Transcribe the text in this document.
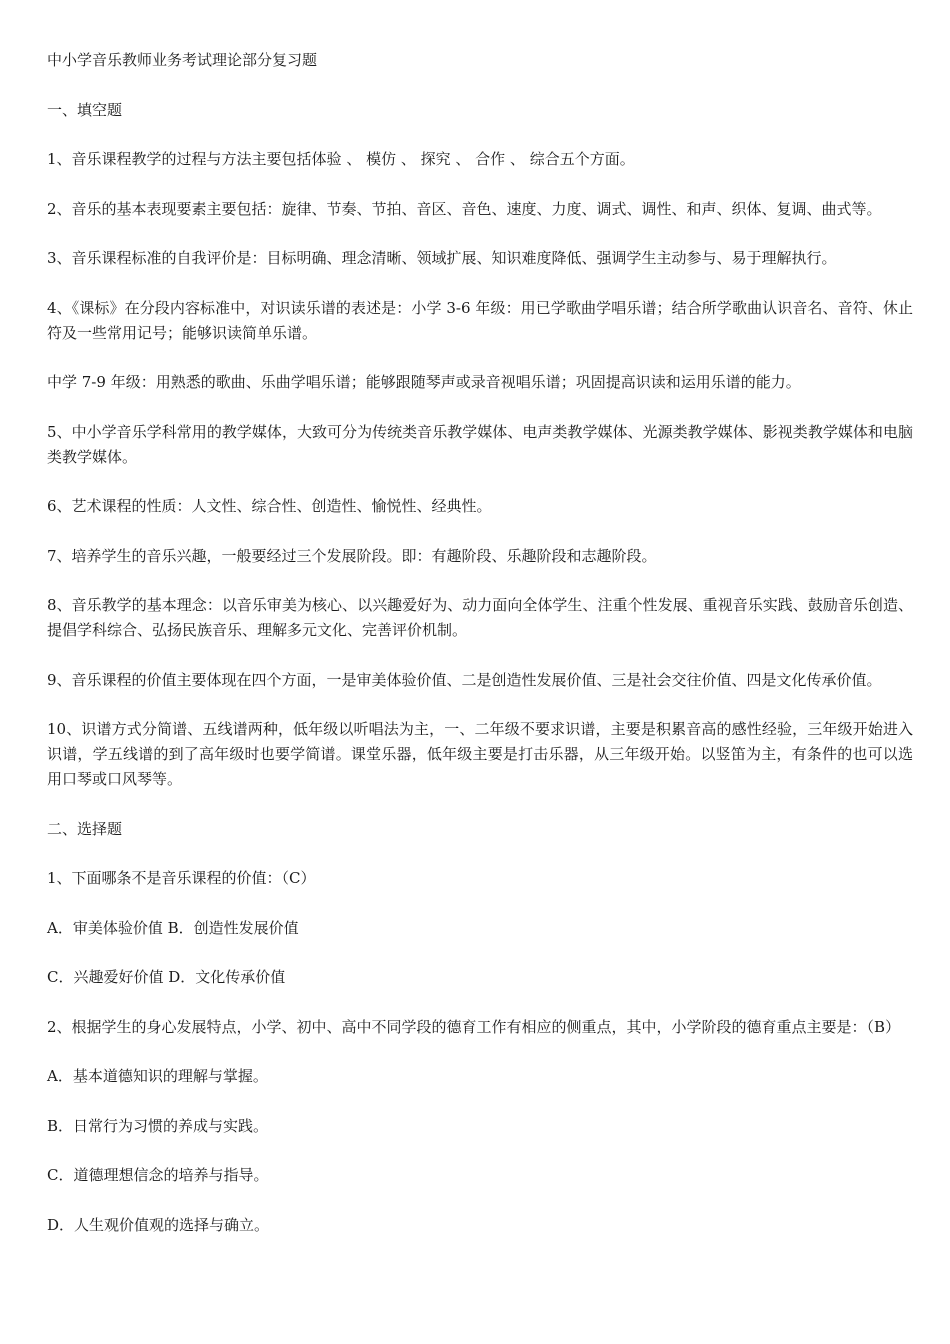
中小学音乐教师业务考试理论部分复习题

一、填空题

1、音乐课程教学的过程与方法主要包括体验 、 模仿 、 探究 、 合作 、 综合五个方面。

2、音乐的基本表现要素主要包括：旋律、节奏、节拍、音区、音色、速度、力度、调式、调性、和声、织体、复调、曲式等。

3、音乐课程标准的自我评价是：目标明确、理念清晰、领域扩展、知识难度降低、强调学生主动参与、易于理解执行。

4、《课标》在分段内容标准中，对识读乐谱的表述是：小学 3-6 年级：用已学歌曲学唱乐谱；结合所学歌曲认识音名、音符、休止符及一些常用记号；能够识读简单乐谱。

中学 7-9 年级：用熟悉的歌曲、乐曲学唱乐谱；能够跟随琴声或录音视唱乐谱；巩固提高识读和运用乐谱的能力。

5、中小学音乐学科常用的教学媒体，大致可分为传统类音乐教学媒体、电声类教学媒体、光源类教学媒体、影视类教学媒体和电脑类教学媒体。

6、艺术课程的性质：人文性、综合性、创造性、愉悦性、经典性。

7、培养学生的音乐兴趣，一般要经过三个发展阶段。即：有趣阶段、乐趣阶段和志趣阶段。

8、音乐教学的基本理念：以音乐审美为核心、以兴趣爱好为、动力面向全体学生、注重个性发展、重视音乐实践、鼓励音乐创造、提倡学科综合、弘扬民族音乐、理解多元文化、完善评价机制。

9、音乐课程的价值主要体现在四个方面，一是审美体验价值、二是创造性发展价值、三是社会交往价值、四是文化传承价值。

10、识谱方式分简谱、五线谱两种，低年级以听唱法为主，一、二年级不要求识谱，主要是积累音高的感性经验，三年级开始进入识谱，学五线谱的到了高年级时也要学简谱。课堂乐器，低年级主要是打击乐器，从三年级开始。以竖笛为主，有条件的也可以选用口琴或口风琴等。

二、选择题

1、下面哪条不是音乐课程的价值：（C）

A．审美体验价值 B．创造性发展价值

C．兴趣爱好价值 D．文化传承价值

2、根据学生的身心发展特点，小学、初中、高中不同学段的德育工作有相应的侧重点，其中，小学阶段的德育重点主要是：（B）

A．基本道德知识的理解与掌握。

B．日常行为习惯的养成与实践。

C．道德理想信念的培养与指导。

D．人生观价值观的选择与确立。
